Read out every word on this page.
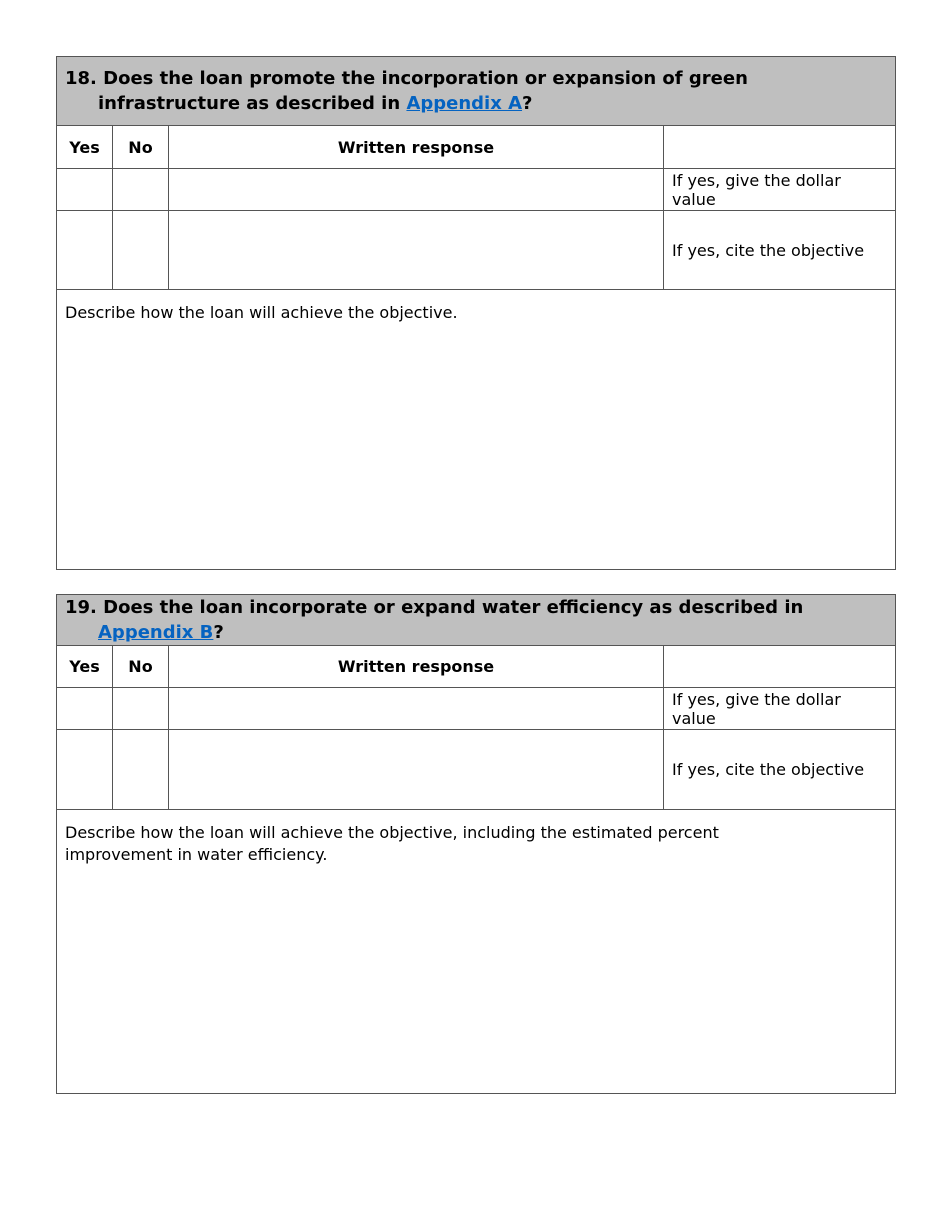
18. Does the loan promote the incorporation or expansion of green infrastructure as described in Appendix A?			

Yes	No	Written response	
			If yes, give the dollar value
			If yes, cite the objective
Describe how the loan will achieve the objective.			
19. Does the loan incorporate or expand water efficiency as described in Appendix B?			

Yes	No	Written response	
			If yes, give the dollar value
			If yes, cite the objective

Describe how the loan will achieve the objective, including the estimated percent improvement in water efficiency.			
